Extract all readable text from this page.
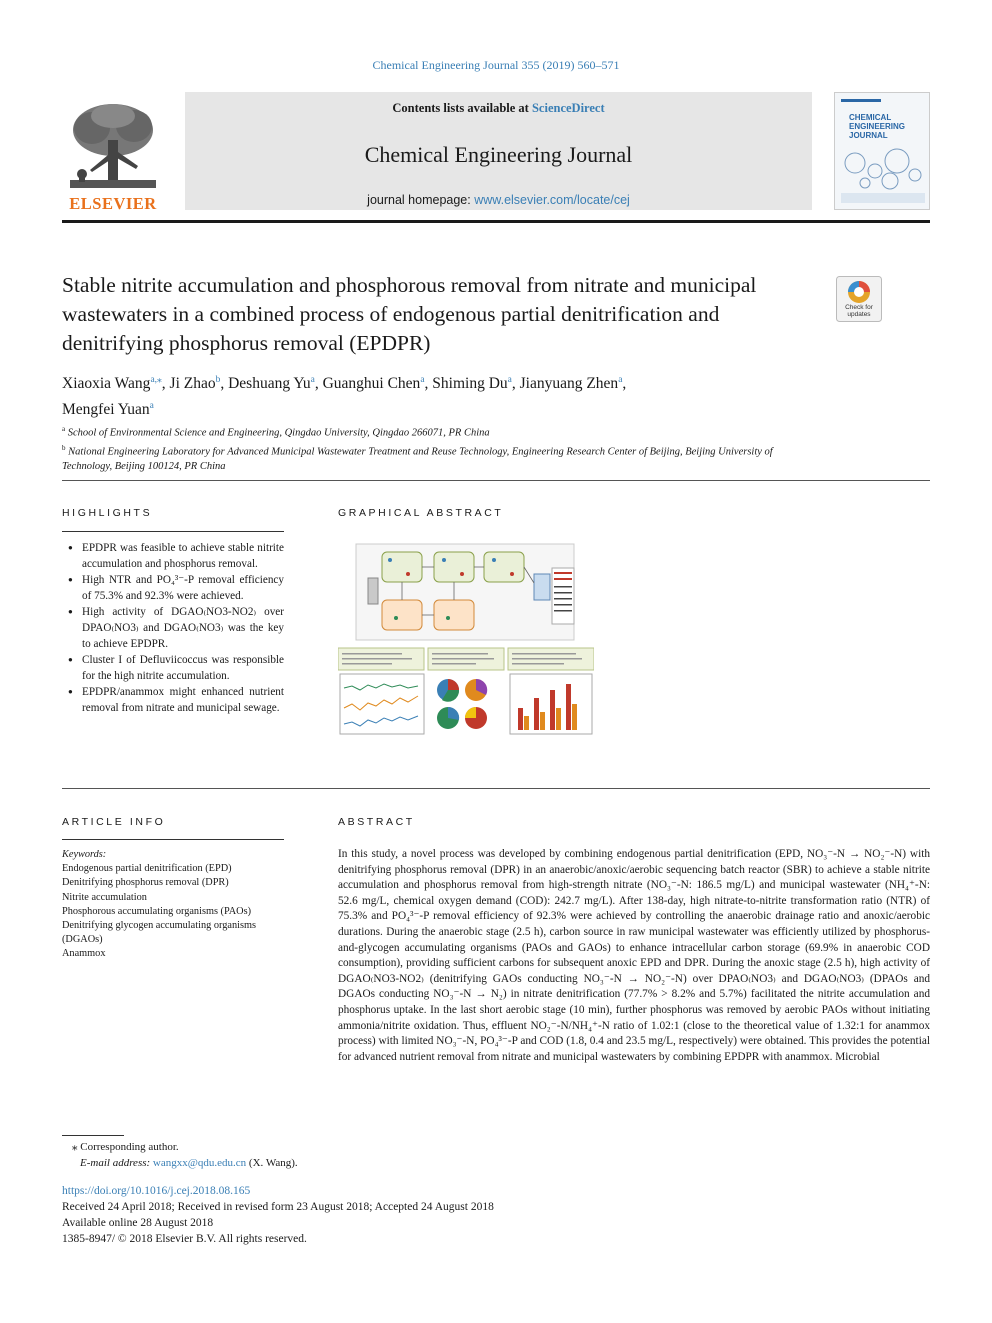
Chemical Engineering Journal 355 (2019) 560–571
ELSEVIER
Contents lists available at ScienceDirect
Chemical Engineering Journal
journal homepage: www.elsevier.com/locate/cej
CHEMICAL ENGINEERING JOURNAL
Stable nitrite accumulation and phosphorous removal from nitrate and municipal wastewaters in a combined process of endogenous partial denitrification and denitrifying phosphorus removal (EPDPR)
Check for
updates
Xiaoxia Wang$^{a,⁎}$, Ji Zhao$^b$, Deshuang Yu$^a$, Guanghui Chen$^a$, Shiming Du$^a$, Jianyuang Zhen$^a$,
Mengfei Yuan$^a$
$^a$ School of Environmental Science and Engineering, Qingdao University, Qingdao 266071, PR China
$^b$ National Engineering Laboratory for Advanced Municipal Wastewater Treatment and Reuse Technology, Engineering Research Center of Beijing, Beijing University of Technology, Beijing 100124, PR China
HIGHLIGHTS
● EPDPR was feasible to achieve stable nitrite accumulation and phosphorus removal.
● High NTR and PO₄³⁻-P removal efficiency of 75.3% and 92.3% were achieved.
● High activity of DGAO₍NO3-NO2₎ over DPAO₍NO3₎ and DGAO₍NO3₎ was the key to achieve EPDPR.
● Cluster I of Defluviicoccus was responsible for the high nitrite accumulation.
● EPDPR/anammox might enhanced nutrient removal from nitrate and municipal sewage.
GRAPHICAL ABSTRACT
ARTICLE INFO
Keywords:
Endogenous partial denitrification (EPD)
Denitrifying phosphorus removal (DPR)
Nitrite accumulation
Phosphorous accumulating organisms (PAOs)
Denitrifying glycogen accumulating organisms (DGAOs)
Anammox
ABSTRACT
In this study, a novel process was developed by combining endogenous partial denitrification (EPD, NO₃⁻-N → NO₂⁻-N) with denitrifying phosphorus removal (DPR) in an anaerobic/anoxic/aerobic sequencing batch reactor (SBR) to achieve a stable nitrite accumulation and phosphorus removal from high-strength nitrate (NO₃⁻-N: 186.5 mg/L) and municipal wastewater (NH₄⁺-N: 52.6 mg/L, chemical oxygen demand (COD): 242.7 mg/L). After 138-day, high nitrate-to-nitrite transformation ratio (NTR) of 75.3% and PO₄³⁻-P removal efficiency of 92.3% were achieved by controlling the anaerobic drainage ratio and anoxic/aerobic durations. During the anaerobic stage (2.5 h), carbon source in raw municipal wastewater was efficiently utilized by phosphorus-and-glycogen accumulating organisms (PAOs and GAOs) to enhance intracellular carbon storage (69.9% in anaerobic COD consumption), providing sufficient carbons for subsequent anoxic EPD and DPR. During the anoxic stage (2.5 h), high activity of DGAO₍NO3-NO2₎ (denitrifying GAOs conducting NO₃⁻-N → NO₂⁻-N) over DPAO₍NO3₎ and DGAO₍NO3₎ (DPAOs and DGAOs conducting NO₃⁻-N → N₂) in nitrate denitrification (77.7% > 8.2% and 5.7%) facilitated the nitrite accumulation and phosphorus uptake. In the last short aerobic stage (10 min), further phosphorus was removed by aerobic PAOs without initiating ammonia/nitrite oxidation. Thus, effluent NO₂⁻-N/NH₄⁺-N ratio of 1.02:1 (close to the theoretical value of 1.32:1 for anammox process) with limited NO₃⁻-N, PO₄³⁻-P and COD (1.8, 0.4 and 23.5 mg/L, respectively) were obtained. This provides the potential for advanced nutrient removal from nitrate and municipal wastewaters by combining EPDPR with anammox. Microbial
⁎ Corresponding author.
E-mail address: wangxx@qdu.edu.cn (X. Wang).
https://doi.org/10.1016/j.cej.2018.08.165
Received 24 April 2018; Received in revised form 23 August 2018; Accepted 24 August 2018
Available online 28 August 2018
1385-8947/ © 2018 Elsevier B.V. All rights reserved.
